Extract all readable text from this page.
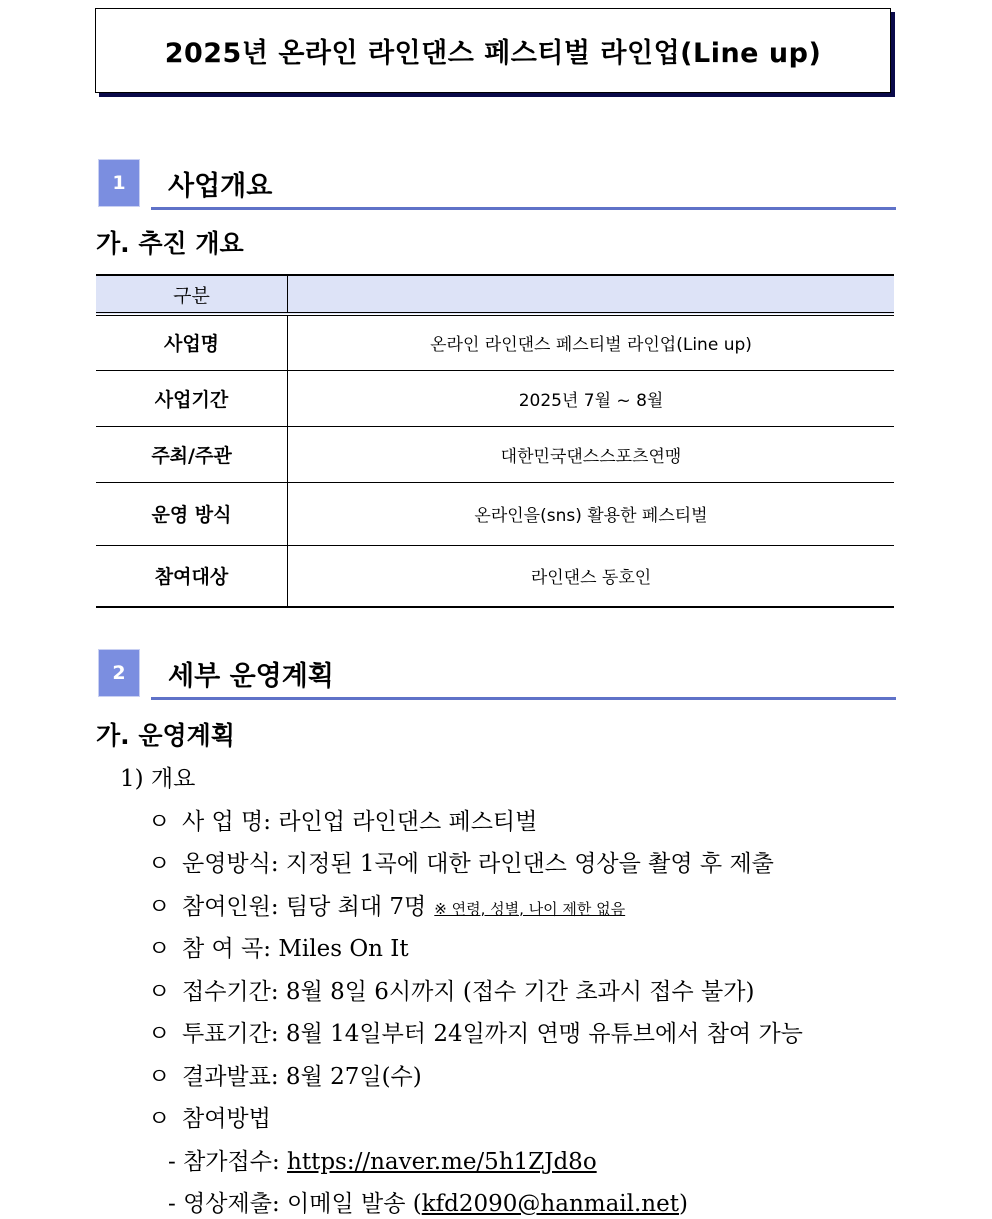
2025년 온라인 라인댄스 페스티벌 라인업(Line up)
1	사업개요
가. 추진 개요
구분	
사업명	온라인 라인댄스 페스티벌 라인업(Line up)
사업기간	2025년 7월 ~ 8월
주최/주관	대한민국댄스스포츠연맹
운영 방식	온라인을(sns) 활용한 페스티벌
참여대상	라인댄스 동호인
2	세부 운영계획
가. 운영계획
1) 개요
ㅇ 사 업 명: 라인업 라인댄스 페스티벌
ㅇ 운영방식: 지정된 1곡에 대한 라인댄스 영상을 촬영 후 제출
ㅇ 참여인원: 팀당 최대 7명 ※ 연령, 성별, 나이 제한 없음
ㅇ 참 여 곡: Miles On It
ㅇ 접수기간: 8월 8일 6시까지 (접수 기간 초과시 접수 불가)
ㅇ 투표기간: 8월 14일부터 24일까지 연맹 유튜브에서 참여 가능
ㅇ 결과발표: 8월 27일(수)
ㅇ 참여방법
- 참가접수: https://naver.me/5h1ZJd8o
- 영상제출: 이메일 발송 (kfd2090@hanmail.net)
